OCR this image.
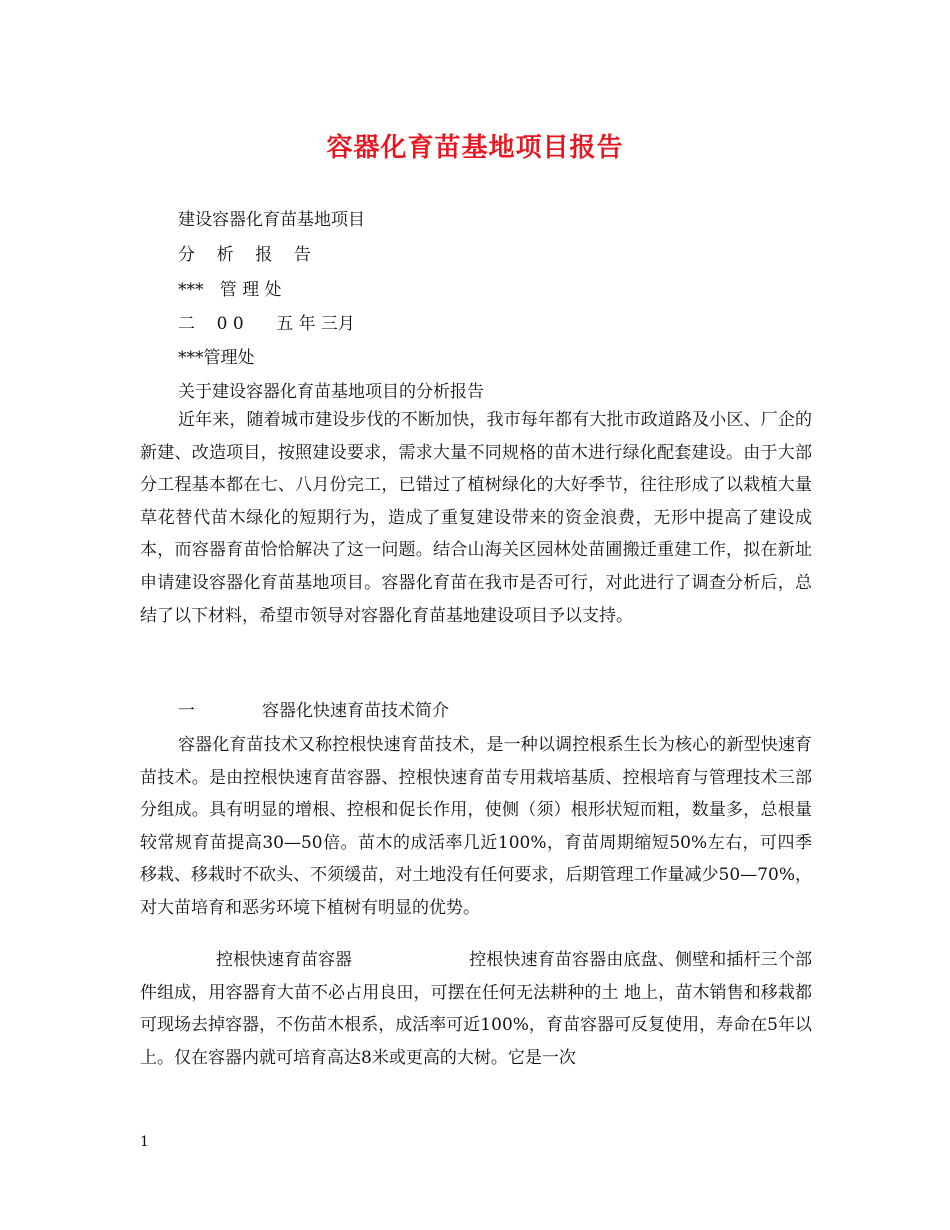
容器化育苗基地项目报告
建设容器化育苗基地项目
分    析    报    告
***   管 理 处
二    0 0      五 年 三月
***管理处
关于建设容器化育苗基地项目的分析报告

近年来，随着城市建设步伐的不断加快，我市每年都有大批市政道路及小区、厂企的新建、改造项目，按照建设要求，需求大量不同规格的苗木进行绿化配套建设。由于大部分工程基本都在七、八月份完工，已错过了植树绿化的大好季节，往往形成了以栽植大量草花替代苗木绿化的短期行为，造成了重复建设带来的资金浪费，无形中提高了建设成本，而容器育苗恰恰解决了这一问题。结合山海关区园林处苗圃搬迁重建工作，拟在新址申请建设容器化育苗基地项目。容器化育苗在我市是否可行，对此进行了调查分析后，总结了以下材料，希望市领导对容器化育苗基地建设项目予以支持。

一	容器化快速育苗技术简介

容器化育苗技术又称控根快速育苗技术，是一种以调控根系生长为核心的新型快速育苗技术。是由控根快速育苗容器、控根快速育苗专用栽培基质、控根培育与管理技术三部分组成。具有明显的增根、控根和促长作用，使侧（须）根形状短而粗，数量多，总根量较常规育苗提高30—50倍。苗木的成活率几近100%，育苗周期缩短50%左右，可四季移栽、移栽时不砍头、不须缓苗，对土地没有任何要求，后期管理工作量减少50—70%，对大苗培育和恶劣环境下植树有明显的优势。

控根快速育苗容器	控根快速育苗容器由底盘、侧壁和插杆三个部件组成，用容器育大苗不必占用良田，可摆在任何无法耕种的土 地上，苗木销售和移栽都可现场去掉容器，不伤苗木根系，成活率可近100%，育苗容器可反复使用，寿命在5年以上。仅在容器内就可培育高达8米或更高的大树。它是一次

1
